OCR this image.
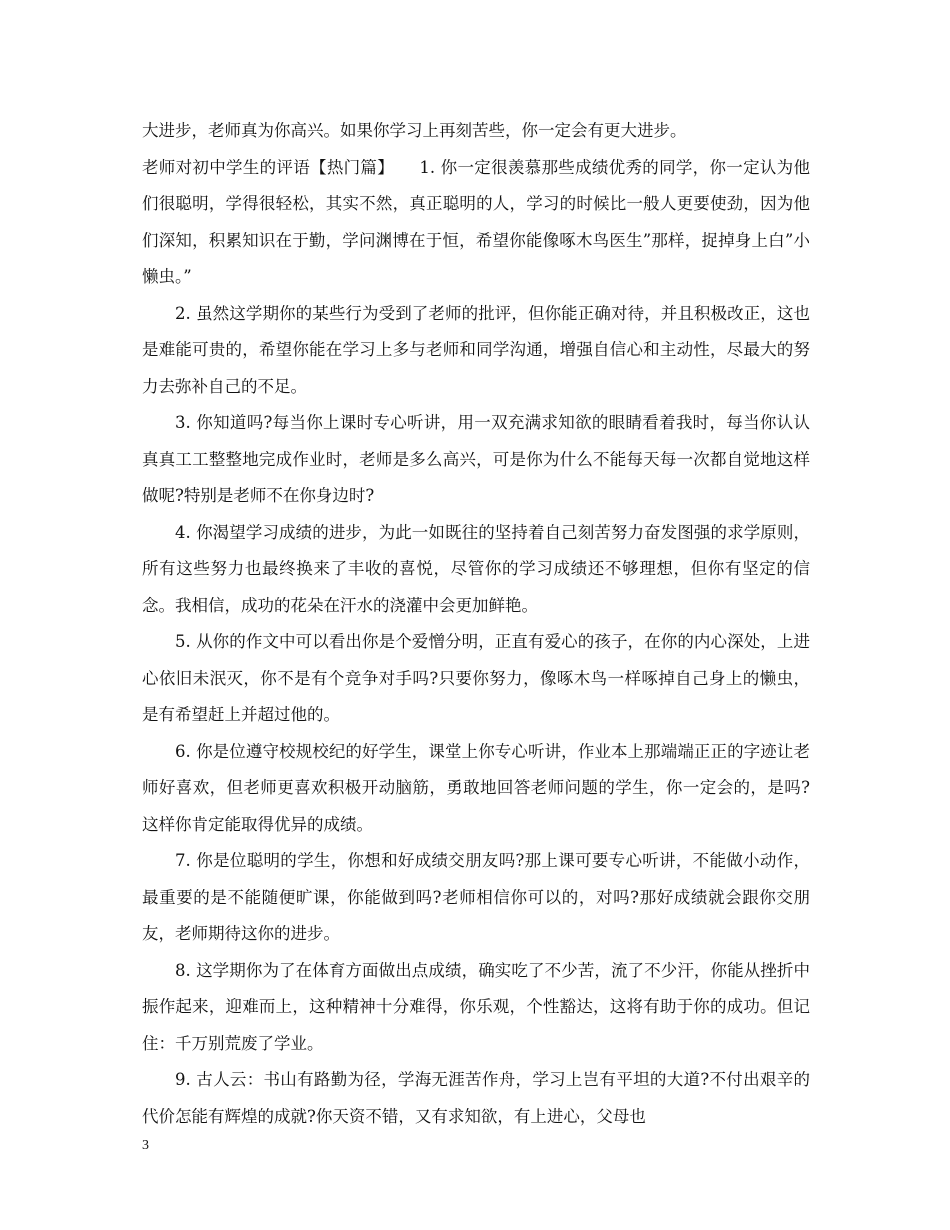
大进步，老师真为你高兴。如果你学习上再刻苦些，你一定会有更大进步。

老师对初中学生的评语【热门篇】　　1. 你一定很羡慕那些成绩优秀的同学，你一定认为他们很聪明，学得很轻松，其实不然，真正聪明的人，学习的时候比一般人更要使劲，因为他们深知，积累知识在于勤，学问渊博在于恒，希望你能像啄木鸟医生”那样，捉掉身上白”小懒虫。”

2. 虽然这学期你的某些行为受到了老师的批评，但你能正确对待，并且积极改正，这也是难能可贵的，希望你能在学习上多与老师和同学沟通，增强自信心和主动性，尽最大的努力去弥补自己的不足。

3. 你知道吗?每当你上课时专心听讲，用一双充满求知欲的眼睛看着我时，每当你认认真真工工整整地完成作业时，老师是多么高兴，可是你为什么不能每天每一次都自觉地这样做呢?特别是老师不在你身边时?

4. 你渴望学习成绩的进步，为此一如既往的坚持着自己刻苦努力奋发图强的求学原则，所有这些努力也最终换来了丰收的喜悦，尽管你的学习成绩还不够理想，但你有坚定的信念。我相信，成功的花朵在汗水的浇灌中会更加鲜艳。

5. 从你的作文中可以看出你是个爱憎分明，正直有爱心的孩子，在你的内心深处，上进心依旧未泯灭，你不是有个竞争对手吗?只要你努力，像啄木鸟一样啄掉自己身上的懒虫，是有希望赶上并超过他的。

6. 你是位遵守校规校纪的好学生，课堂上你专心听讲，作业本上那端端正正的字迹让老师好喜欢，但老师更喜欢积极开动脑筋，勇敢地回答老师问题的学生，你一定会的，是吗?这样你肯定能取得优异的成绩。

7. 你是位聪明的学生，你想和好成绩交朋友吗?那上课可要专心听讲，不能做小动作，最重要的是不能随便旷课，你能做到吗?老师相信你可以的，对吗?那好成绩就会跟你交朋友，老师期待这你的进步。

8. 这学期你为了在体育方面做出点成绩，确实吃了不少苦，流了不少汗，你能从挫折中振作起来，迎难而上，这种精神十分难得，你乐观，个性豁达，这将有助于你的成功。但记住：千万别荒废了学业。

9. 古人云：书山有路勤为径，学海无涯苦作舟，学习上岂有平坦的大道?不付出艰辛的代价怎能有辉煌的成就?你天资不错，又有求知欲，有上进心，父母也

3
